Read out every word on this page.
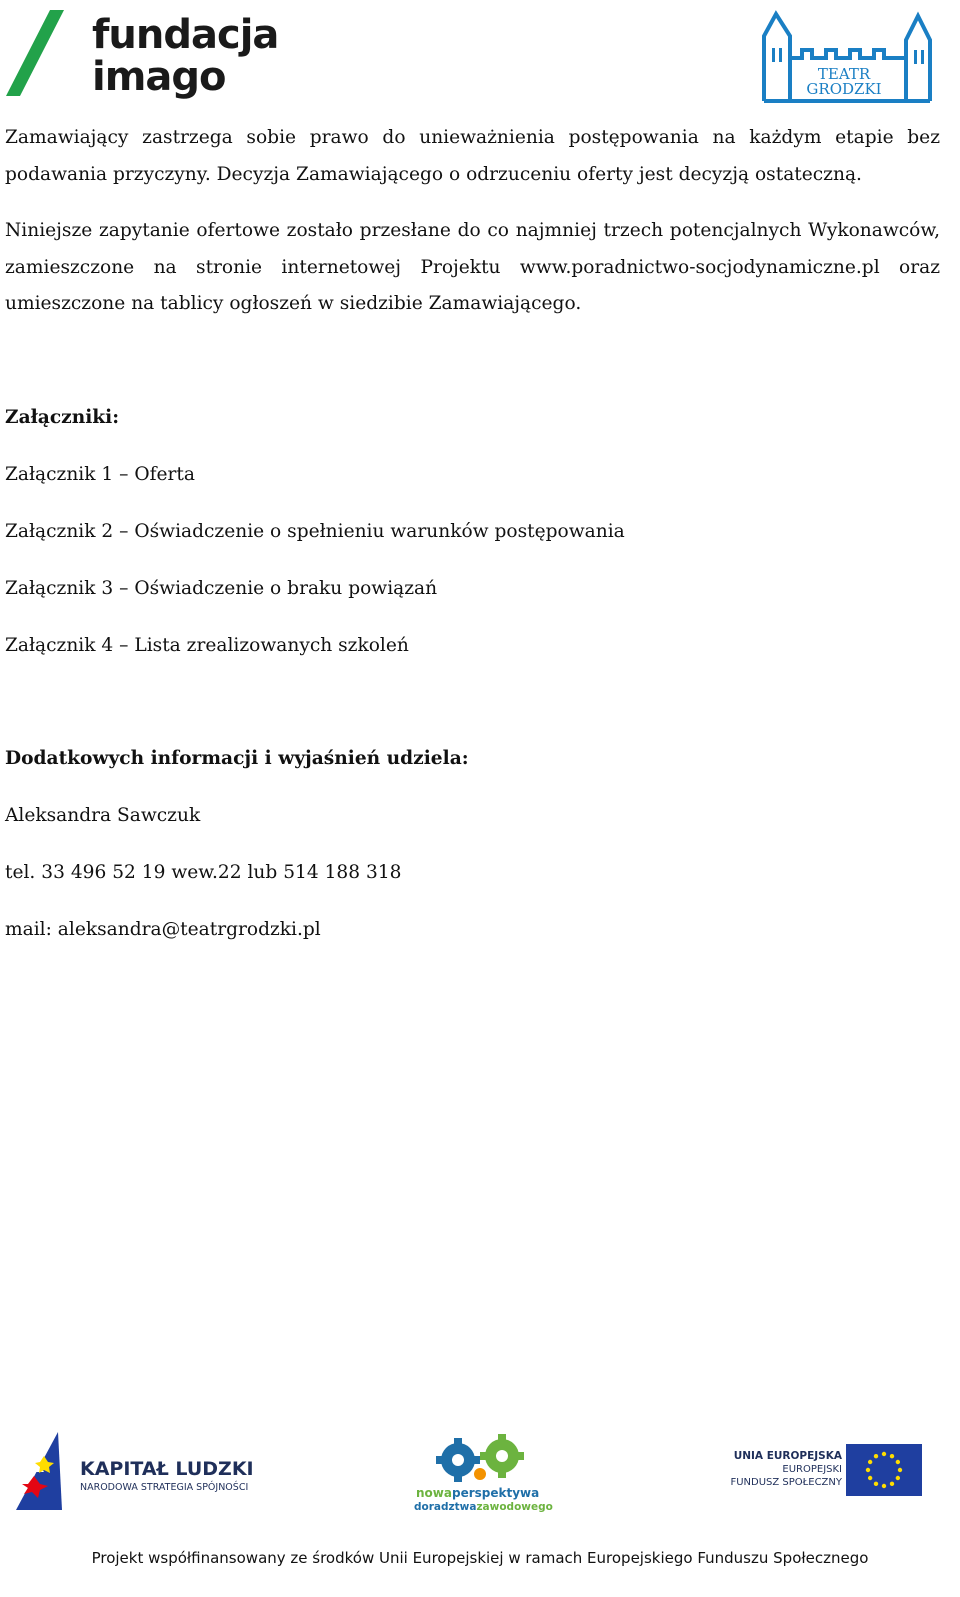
fundacja
imago	TEATR
GRODZKI
Zamawiający zastrzega sobie prawo do unieważnienia postępowania na każdym etapie bez podawania przyczyny. Decyzja Zamawiającego o odrzuceniu oferty jest decyzją ostateczną.
Niniejsze zapytanie ofertowe zostało przesłane do co najmniej trzech potencjalnych Wykonawców, zamieszczone na stronie internetowej Projektu www.poradnictwo-socjodynamiczne.pl oraz umieszczone na tablicy ogłoszeń w siedzibie Zamawiającego.
Załączniki:
Załącznik 1 – Oferta
Załącznik 2 – Oświadczenie o spełnieniu warunków postępowania
Załącznik 3 – Oświadczenie o braku powiązań
Załącznik 4 – Lista zrealizowanych szkoleń
Dodatkowych informacji i wyjaśnień udziela:
Aleksandra Sawczuk
tel. 33 496 52 19 wew.22 lub 514 188 318
mail: aleksandra@teatrgrodzki.pl
KAPITAŁ LUDZKI
NARODOWA STRATEGIA SPÓJNOŚCI	nowaperspektywa
doradztwazawodowego
UNIA EUROPEJSKA
EUROPEJSKI
FUNDUSZ SPOŁECZNY
Projekt współfinansowany ze środków Unii Europejskiej w ramach Europejskiego Funduszu Społecznego
